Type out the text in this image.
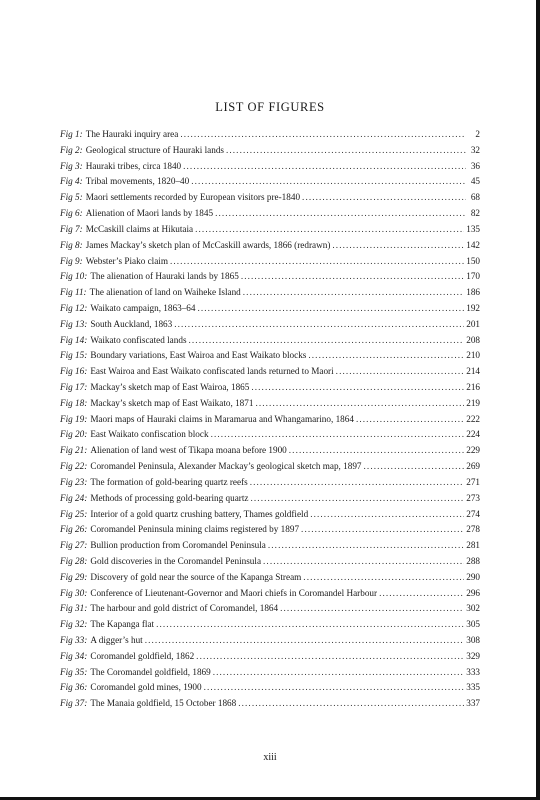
LIST OF FIGURES
Fig 1: The Hauraki inquiry area . . .	2
Fig 2: Geological structure of Hauraki lands . . .	32
Fig 3: Hauraki tribes, circa 1840 . . .	36
Fig 4: Tribal movements, 1820–40 . . .	45
Fig 5: Maori settlements recorded by European visitors pre-1840 . . .	68
Fig 6: Alienation of Maori lands by 1845 . . .	82
Fig 7: McCaskill claims at Hikutaia . . .	135
Fig 8: James Mackay’s sketch plan of McCaskill awards, 1866 (redrawn) . . .	142
Fig 9: Webster’s Piako claim . . .	150
Fig 10: The alienation of Hauraki lands by 1865 . . .	170
Fig 11: The alienation of land on Waiheke Island . . .	186
Fig 12: Waikato campaign, 1863–64 . . .	192
Fig 13: South Auckland, 1863 . . .	201
Fig 14: Waikato confiscated lands . . .	208
Fig 15: Boundary variations, East Wairoa and East Waikato blocks . . .	210
Fig 16: East Wairoa and East Waikato confiscated lands returned to Maori . . .	214
Fig 17: Mackay’s sketch map of East Wairoa, 1865 . . .	216
Fig 18: Mackay’s sketch map of East Waikato, 1871 . . .	219
Fig 19: Maori maps of Hauraki claims in Maramarua and Whangamarino, 1864 . . .	222
Fig 20: East Waikato confiscation block . . .	224
Fig 21: Alienation of land west of Tikapa moana before 1900 . . .	229
Fig 22: Coromandel Peninsula, Alexander Mackay’s geological sketch map, 1897 . . .	269
Fig 23: The formation of gold-bearing quartz reefs . . .	271
Fig 24: Methods of processing gold-bearing quartz . . .	273
Fig 25: Interior of a gold quartz crushing battery, Thames goldfield . . .	274
Fig 26: Coromandel Peninsula mining claims registered by 1897 . . .	278
Fig 27: Bullion production from Coromandel Peninsula . . .	281
Fig 28: Gold discoveries in the Coromandel Peninsula . . .	288
Fig 29: Discovery of gold near the source of the Kapanga Stream . . .	290
Fig 30: Conference of Lieutenant-Governor and Maori chiefs in Coromandel Harbour . . .	296
Fig 31: The harbour and gold district of Coromandel, 1864 . . .	302
Fig 32: The Kapanga flat . . .	305
Fig 33: A digger’s hut . . .	308
Fig 34: Coromandel goldfield, 1862 . . .	329
Fig 35: The Coromandel goldfield, 1869 . . .	333
Fig 36: Coromandel gold mines, 1900 . . .	335
Fig 37: The Manaia goldfield, 15 October 1868 . . .	337
xiii
